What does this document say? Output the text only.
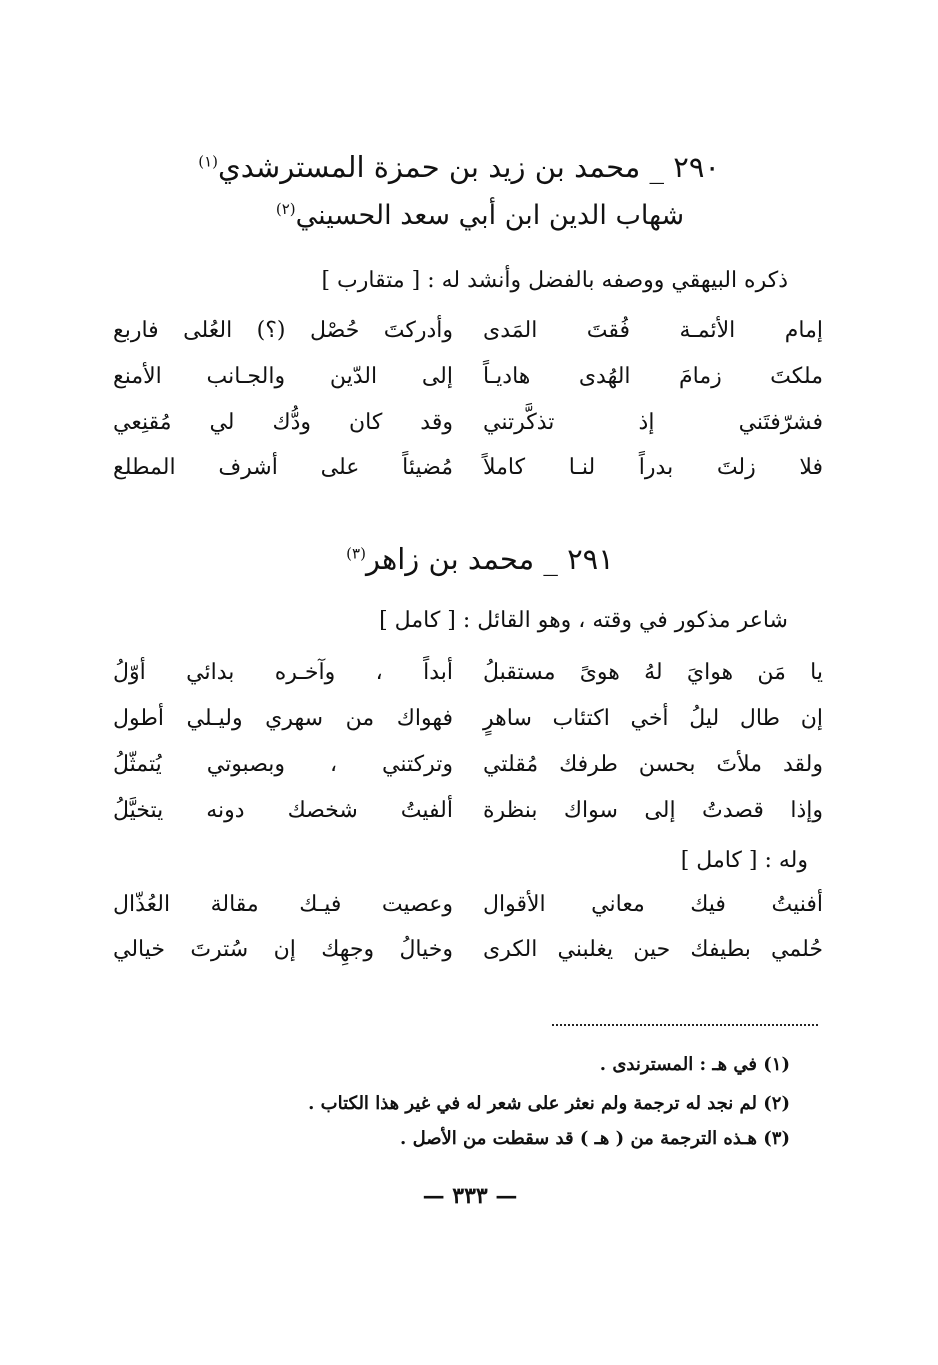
٢٩٠ _ محمد بن زيد بن حمزة المسترشدي$^{(١)}$
شهاب الدين ابن أبي سعد الحسيني$^{(٢)}$
ذكره البيهقي ووصفه بالفضل وأنشد له : [ متقارب ]
إمام الأئمـة فُقتَ المَدى
وأدركتَ حُصْل (؟) العُلى فاربع
ملكتَ زمامَ الهُدى هاديـاً
إلى الدّين والجـانب الأمنع
فشرّفتَني إذ تذكَّرتني
وقد كان ودُّك لي مُقنِعي
فلا زلتَ بدراً لنـا كاملاً
مُضيئاً على أشرف المطلع
٢٩١ _ محمد بن زاهر$^{(٣)}$
شاعر مذكور في وقته ، وهو القائل : [ كامل ]
يا مَن هوايَ لهُ هوىً مستقبلُ
أبداً ، وآخـره بدائي أوّلُ
إن طال ليلُ أخي اكتئاب ساهرٍ
فهواك من سهري وليـلي أطول
ولقد ملأتَ بحسن طرفك مُقلتي
وتركتني ، وبصبوتي يُتمثّلُ
وإذا قصدتُ إلى سواك بنظرة
ألفيتُ شخصك دونه يتخيَّلُ
وله : [ كامل ]
أفنيتُ فيك معاني الأقوال
وعصيت فيـك مقالة العُذّال
حُلمي بطيفك حين يغلبني الكرى
وخيالُ وجهِك إن سُترتَ خيالي
(١) في هـ : المسترندى .
(٢) لم نجد له ترجمة ولم نعثر على شعر له في غير هذا الكتاب .
(٣) هـذه الترجمة من ( هـ ) قد سقطت من الأصل .
— ٣٣٣ —
